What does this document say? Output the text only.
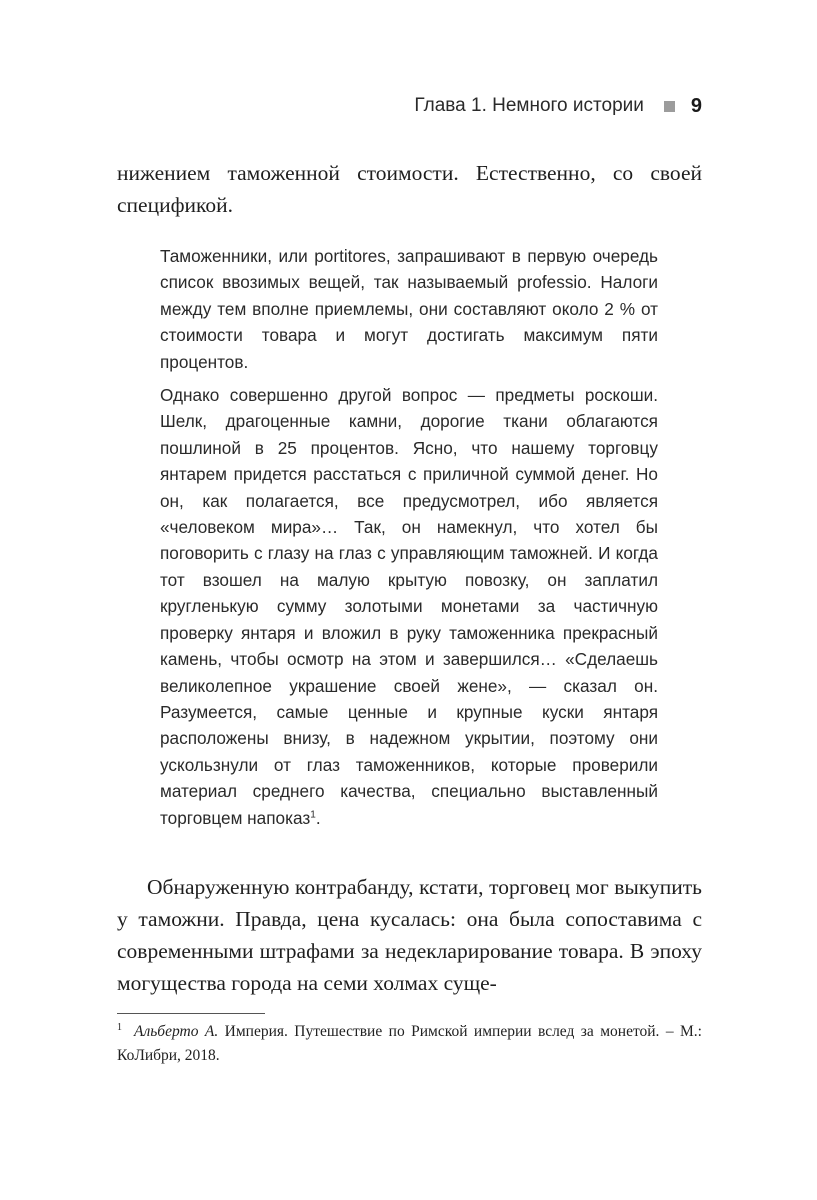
Глава 1. Немного истории 9

нижением таможенной стоимости. Естественно, со своей спецификой.

Таможенники, или portitores, запрашивают в первую очередь список ввозимых вещей, так называемый professio. Налоги между тем вполне приемлемы, они составляют около 2 % от стоимости товара и могут достигать максимум пяти процентов.

Однако совершенно другой вопрос — предметы роскоши. Шелк, драгоценные камни, дорогие ткани облагаются пошлиной в 25 процентов. Ясно, что нашему торговцу янтарем придется расстаться с приличной суммой денег. Но он, как полагается, все предусмотрел, ибо является «человеком мира»… Так, он намекнул, что хотел бы поговорить с глазу на глаз с управляющим таможней. И когда тот взошел на малую крытую повозку, он заплатил кругленькую сумму золотыми монетами за частичную проверку янтаря и вложил в руку таможенника прекрасный камень, чтобы осмотр на этом и завершился… «Сделаешь великолепное украшение своей жене», — сказал он. Разумеется, самые ценные и крупные куски янтаря расположены внизу, в надежном укрытии, поэтому они ускользнули от глаз таможенников, которые проверили материал среднего качества, специально выставленный торговцем напоказ$^1$.

Обнаруженную контрабанду, кстати, торговец мог выкупить у таможни. Правда, цена кусалась: она была сопоставима с современными штрафами за недекларирование товара. В эпоху могущества города на семи холмах суще-

$^1$ Альберто А. Империя. Путешествие по Римской империи вслед за монетой. – М.: КоЛибри, 2018.
